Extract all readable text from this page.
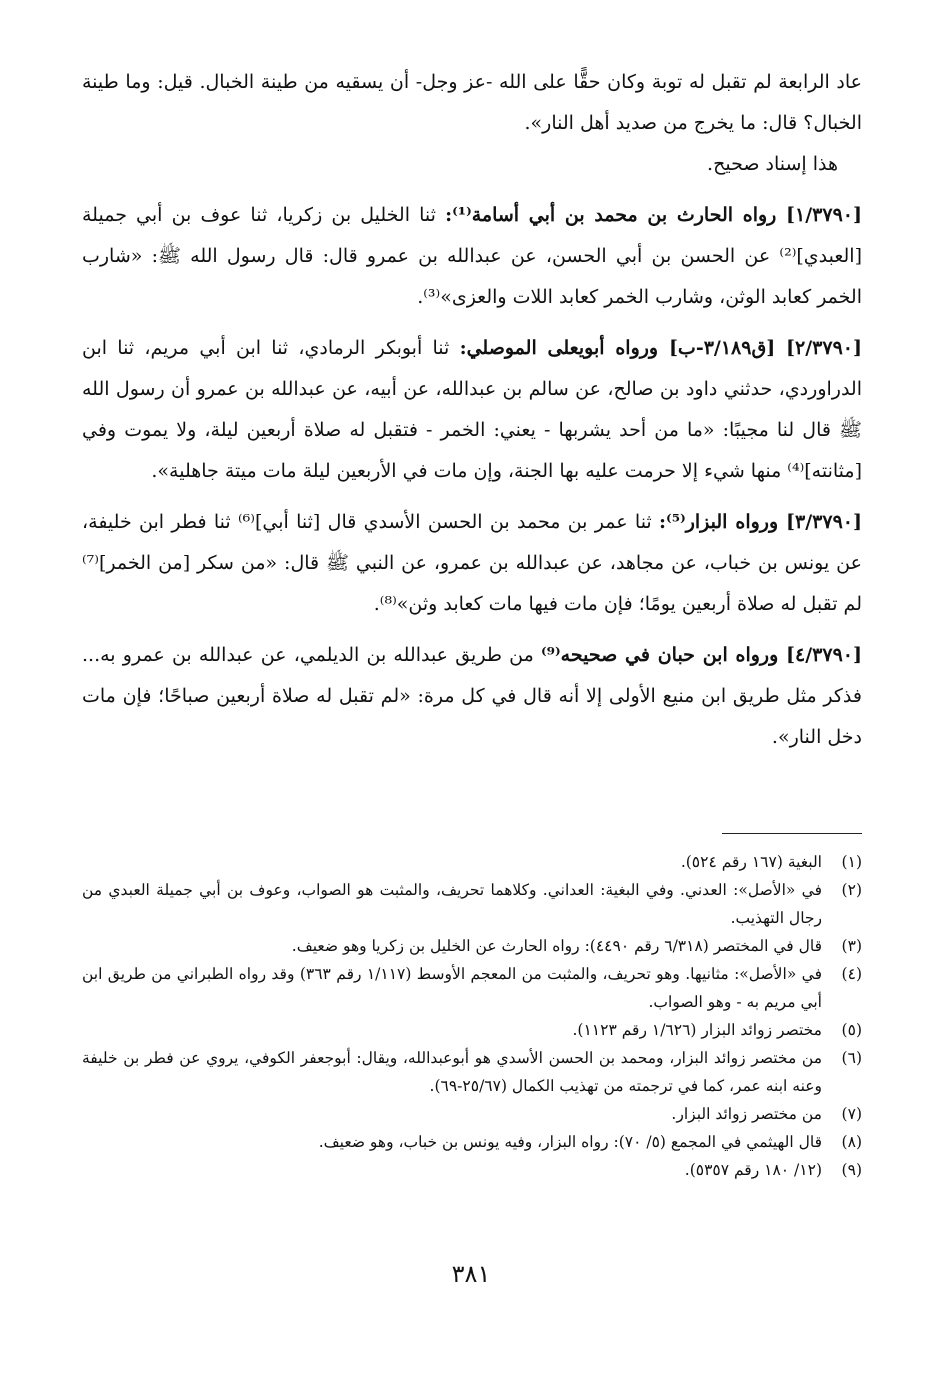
عاد الرابعة لم تقبل له توبة وكان حقًّا على الله -عز وجل- أن يسقيه من طينة الخبال. قيل: وما طينة الخبال؟ قال: ما يخرج من صديد أهل النار».

هذا إسناد صحيح.

[١/٣٧٩٠] رواه الحارث بن محمد بن أبي أسامة⁽¹⁾: ثنا الخليل بن زكريا، ثنا عوف بن أبي جميلة [العبدي]⁽²⁾ عن الحسن بن أبي الحسن، عن عبدالله بن عمرو قال: قال رسول الله ﷺ: «شارب الخمر كعابد الوثن، وشارب الخمر كعابد اللات والعزى»⁽³⁾.

[٢/٣٧٩٠] [ق٣/١٨٩-ب] ورواه أبويعلى الموصلي: ثنا أبوبكر الرمادي، ثنا ابن أبي مريم، ثنا ابن الدراوردي، حدثني داود بن صالح، عن سالم بن عبدالله، عن أبيه، عن عبدالله بن عمرو أن رسول الله ﷺ قال لنا مجيبًا: «ما من أحد يشربها - يعني: الخمر - فتقبل له صلاة أربعين ليلة، ولا يموت وفي [مثانته]⁽⁴⁾ منها شيء إلا حرمت عليه بها الجنة، وإن مات في الأربعين ليلة مات ميتة جاهلية».

[٣/٣٧٩٠] ورواه البزار⁽⁵⁾: ثنا عمر بن محمد بن الحسن الأسدي قال [ثنا أبي]⁽⁶⁾ ثنا فطر ابن خليفة، عن يونس بن خباب، عن مجاهد، عن عبدالله بن عمرو، عن النبي ﷺ قال: «من سكر [من الخمر]⁽⁷⁾ لم تقبل له صلاة أربعين يومًا؛ فإن مات فيها مات كعابد وثن»⁽⁸⁾.

[٤/٣٧٩٠] ورواه ابن حبان في صحيحه⁽⁹⁾ من طريق عبدالله بن الديلمي، عن عبدالله بن عمرو به... فذكر مثل طريق ابن منيع الأولى إلا أنه قال في كل مرة: «لم تقبل له صلاة أربعين صباحًا؛ فإن مات دخل النار».

(١)
البغية (١٦٧ رقم ٥٢٤).
(٢)
في «الأصل»: العدني. وفي البغية: العداني. وكلاهما تحريف، والمثبت هو الصواب، وعوف بن أبي جميلة العبدي من رجال التهذيب.
(٣)
قال في المختصر (٦/٣١٨ رقم ٤٤٩٠): رواه الحارث عن الخليل بن زكريا وهو ضعيف.
(٤)
في «الأصل»: مثانيها. وهو تحريف، والمثبت من المعجم الأوسط (١/١١٧ رقم ٣٦٣) وقد رواه الطبراني من طريق ابن أبي مريم به - وهو الصواب.
(٥)
مختصر زوائد البزار (١/٦٢٦ رقم ١١٢٣).
(٦)
من مختصر زوائد البزار، ومحمد بن الحسن الأسدي هو أبوعبدالله، ويقال: أبوجعفر الكوفي، يروي عن فطر بن خليفة وعنه ابنه عمر، كما في ترجمته من تهذيب الكمال (٢٥/٦٧-٦٩).
(٧)
من مختصر زوائد البزار.
(٨)
قال الهيثمي في المجمع (٥/ ٧٠): رواه البزار، وفيه يونس بن خباب، وهو ضعيف.
(٩)
(١٢/ ١٨٠ رقم ٥٣٥٧).
٣٨١
